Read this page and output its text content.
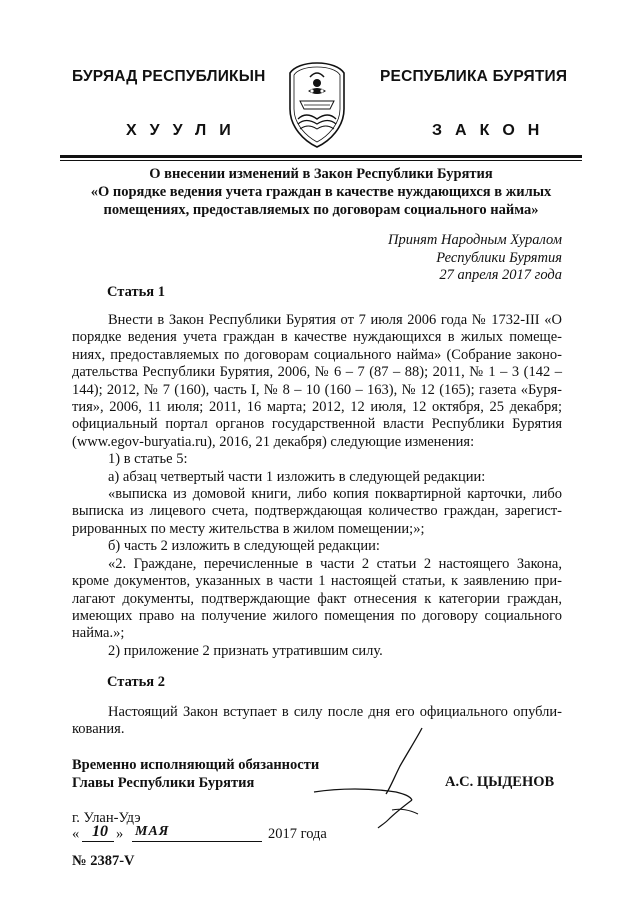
БУРЯАД РЕСПУБЛИКЫН	РЕСПУБЛИКА БУРЯТИЯ
ХУУЛИ	ЗАКОН
О внесении изменений в Закон Республики Бурятия
«О порядке ведения учета граждан в качестве нуждающихся в жилых
помещениях, предоставляемых по договорам социального найма»
Принят Народным Хуралом
Республики Бурятия
27 апреля 2017 года
Статья 1
Внести в Закон Республики Бурятия от 7 июля 2006 года № 1732-III «О
порядке ведения учета граждан в качестве нуждающихся в жилых помеще-
ниях, предоставляемых по договорам социального найма» (Собрание законо-
дательства Республики Бурятия, 2006, № 6 – 7 (87 – 88); 2011, № 1 – 3 (142 –
144); 2012, № 7 (160), часть I, № 8 – 10 (160 – 163), № 12 (165); газета «Буря-
тия», 2006, 11 июля; 2011, 16 марта; 2012, 12 июля, 12 октября, 25 декабря;
официальный портал органов государственной власти Республики Бурятия
(www.egov-buryatia.ru), 2016, 21 декабря) следующие изменения:
1) в статье 5:
а) абзац четвертый части 1 изложить в следующей редакции:
«выписка из домовой книги, либо копия поквартирной карточки, либо
выписка из лицевого счета, подтверждающая количество граждан, зарегист-
рированных по месту жительства в жилом помещении;»;
б) часть 2 изложить в следующей редакции:
«2. Граждане, перечисленные в части 2 статьи 2 настоящего Закона,
кроме документов, указанных в части 1 настоящей статьи, к заявлению при-
лагают документы, подтверждающие факт отнесения к категории граждан,
имеющих право на получение жилого помещения по договору социального
найма.»;
2) приложение 2 признать утратившим силу.
Статья 2
Настоящий Закон вступает в силу после дня его официального опубли-
кования.
Временно исполняющий обязанности
Главы Республики Бурятия	А.С. ЦЫДЕНОВ
г. Улан-Удэ
« 10 » МАЯ	2017 года
№ 2387-V
